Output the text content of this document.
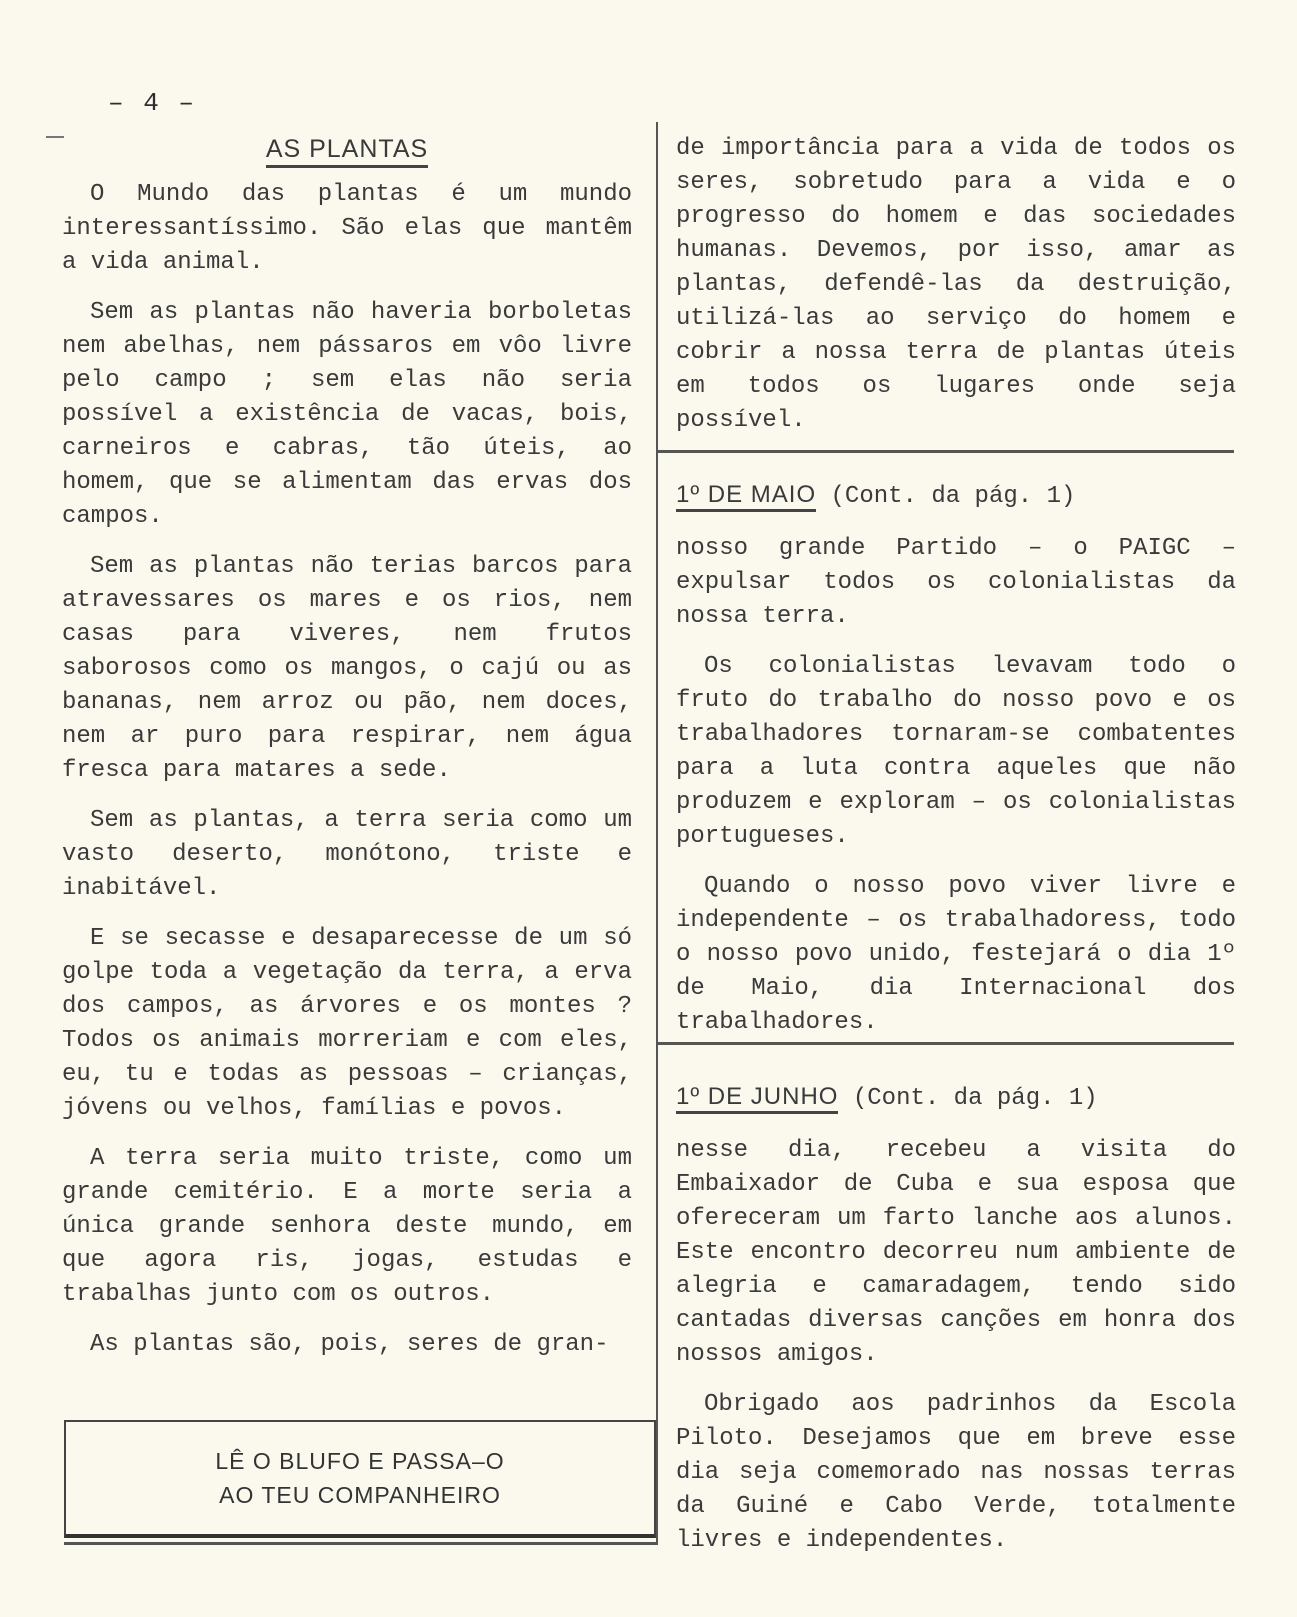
– 4 –
AS PLANTAS

O Mundo das plantas é um mundo interessantíssimo. São elas que mantêm a vida animal.

Sem as plantas não haveria borboletas nem abelhas, nem pássaros em vôo livre pelo campo ; sem elas não seria possível a existência de vacas, bois, carneiros e cabras, tão úteis, ao homem, que se alimentam das ervas dos campos.

Sem as plantas não terias barcos para atravessares os mares e os rios, nem casas para viveres, nem frutos saborosos como os mangos, o cajú ou as bananas, nem arroz ou pão, nem doces, nem ar puro para respirar, nem água fresca para matares a sede.

Sem as plantas, a terra seria como um vasto deserto, monótono, triste e inabitável.

E se secasse e desaparecesse de um só golpe toda a vegetação da terra, a erva dos campos, as árvores e os montes ? Todos os animais morreriam e com eles, eu, tu e todas as pessoas – crianças, jóvens ou velhos, famílias e povos.

A terra seria muito triste, como um grande cemitério. E a morte seria a única grande senhora deste mundo, em que agora ris, jogas, estudas e trabalhas junto com os outros.

As plantas são, pois, seres de gran-

LÊ O BLUFO E PASSA–O
AO TEU COMPANHEIRO

de importância para a vida de todos os seres, sobretudo para a vida e o progresso do homem e das sociedades humanas. Devemos, por isso, amar as plantas, defendê-las da destruição, utilizá-las ao serviço do homem e cobrir a nossa terra de plantas úteis em todos os lugares onde seja possível.

1º DE MAIO (Cont. da pág. 1)

nosso grande Partido – o PAIGC – expulsar todos os colonialistas da nossa terra.

Os colonialistas levavam todo o fruto do trabalho do nosso povo e os trabalhadores tornaram-se combatentes para a luta contra aqueles que não produzem e exploram – os colonialistas portugueses.

Quando o nosso povo viver livre e independente – os trabalhadoress, todo o nosso povo unido, festejará o dia 1º de Maio, dia Internacional dos trabalhadores.

1º DE JUNHO (Cont. da pág. 1)

nesse dia, recebeu a visita do Embaixador de Cuba e sua esposa que ofereceram um farto lanche aos alunos. Este encontro decorreu num ambiente de alegria e camaradagem, tendo sido cantadas diversas canções em honra dos nossos amigos.

Obrigado aos padrinhos da Escola Piloto. Desejamos que em breve esse dia seja comemorado nas nossas terras da Guiné e Cabo Verde, totalmente livres e independentes.
